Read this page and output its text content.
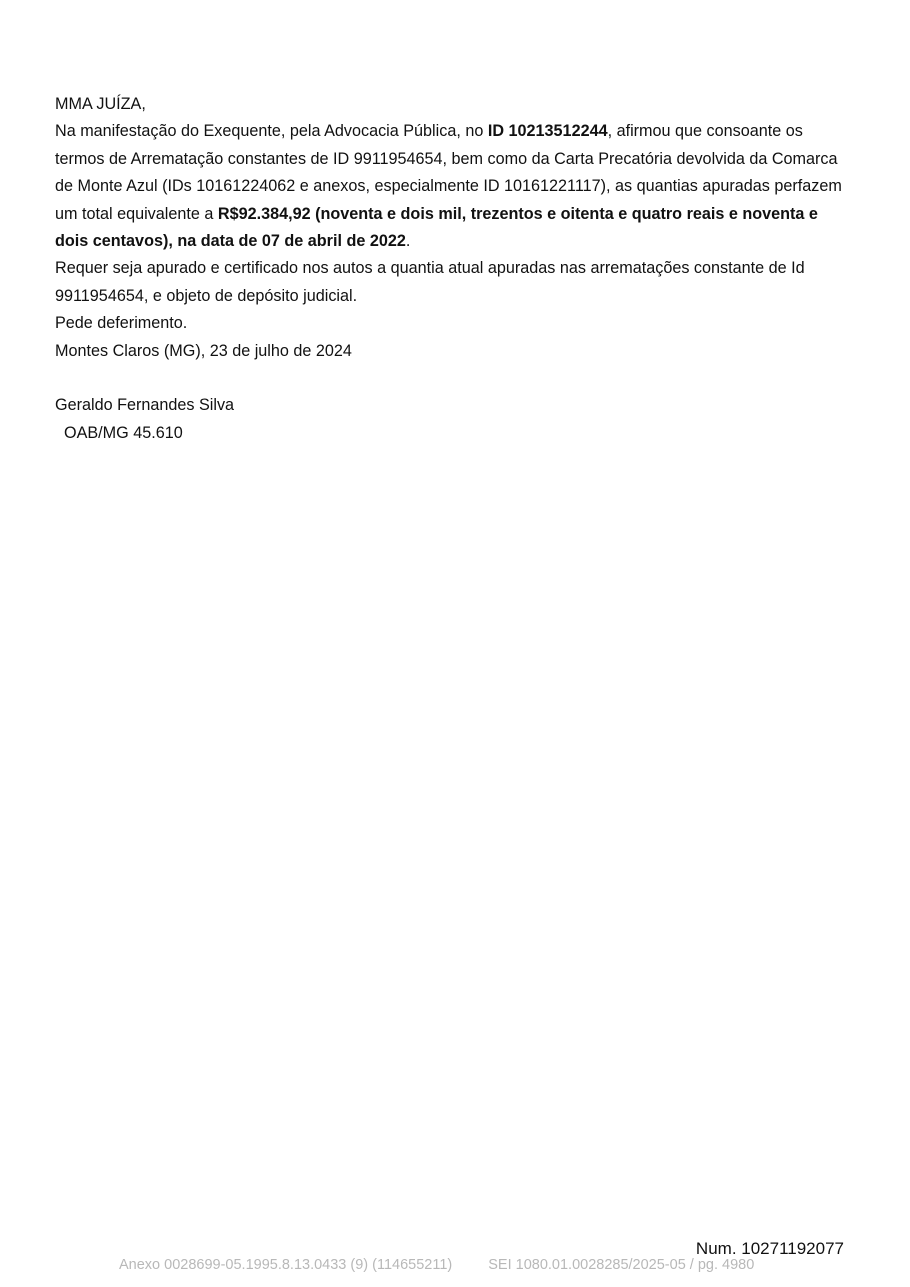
MMA JUÍZA,

Na manifestação do Exequente, pela Advocacia Pública, no ID 10213512244, afirmou que consoante os termos de Arrematação constantes de ID 9911954654, bem como da Carta Precatória devolvida da Comarca de Monte Azul (IDs 10161224062 e anexos, especialmente ID 10161221117), as quantias apuradas perfazem um total equivalente a R$92.384,92 (noventa e dois mil, trezentos e oitenta e quatro reais e noventa e dois centavos), na data de 07 de abril de 2022.

Requer seja apurado e certificado nos autos a quantia atual apuradas nas arrematações constante de Id 9911954654, e objeto de depósito judicial.

Pede deferimento.

Montes Claros (MG), 23 de julho de 2024

Geraldo Fernandes Silva

OAB/MG 45.610

Num. 10271192077
Anexo 0028699-05.1995.8.13.0433 (9) (114655211) SEI 1080.01.0028285/2025-05 / pg. 4980
